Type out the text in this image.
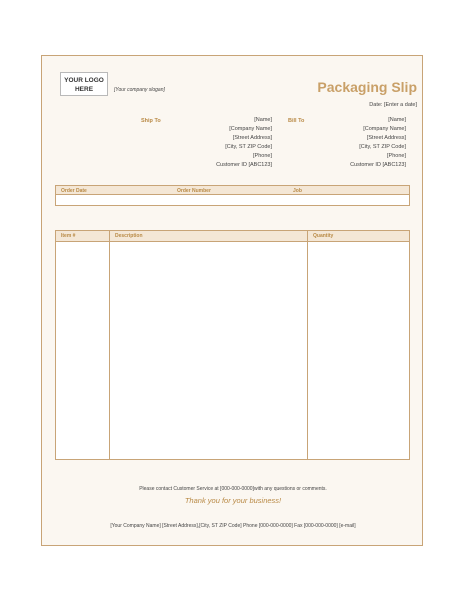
YOUR LOGO
HERE	[Your company slogan]	Packaging Slip
Date: [Enter a date]
Ship To	[Name]
[Company Name]
[Street Address]
[City, ST ZIP Code]
[Phone]
Customer ID [ABC123]
Bill To	[Name]
[Company Name]
[Street Address]
[City, ST ZIP Code]
[Phone]
Customer ID [ABC123]
Order Date	Order Number	Job
Item #	Description	Quantity
Please contact Customer Service at [000-000-0000]with any questions or comments.
Thank you for your business!
[Your Company Name] [Street Address],[City, ST ZIP Code] Phone [000-000-0000] Fax [000-000-0000] [e-mail]
